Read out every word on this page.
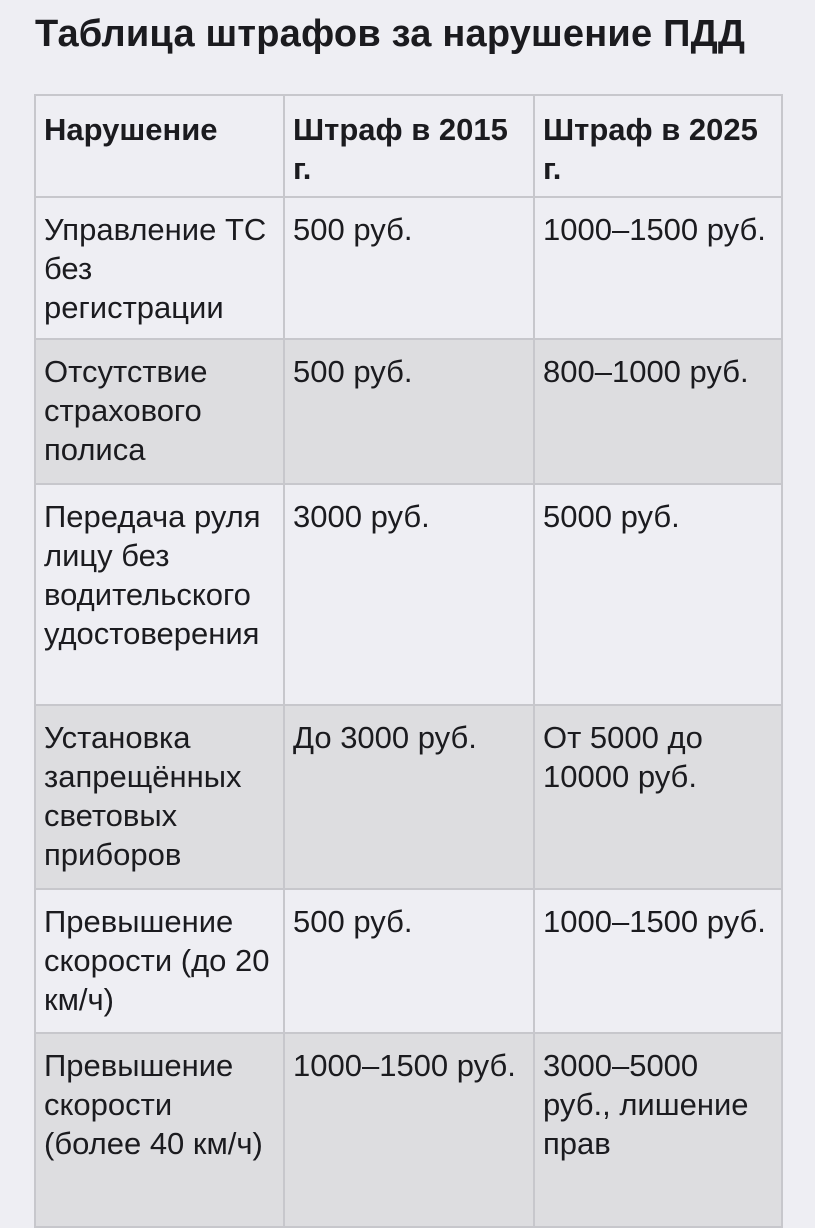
Таблица штрафов за нарушение ПДД
Нарушение	Штраф в 2015 г.	Штраф в 2025 г.
Управление ТС без регистрации	500 руб.	1000–1500 руб.
Отсутствие страхового полиса	500 руб.	800–1000 руб.
Передача руля лицу без водительского удостоверения	3000 руб.	5000 руб.
Установка запрещённых световых приборов	До 3000 руб.	От 5000 до 10000 руб.
Превышение скорости (до 20 км/ч)	500 руб.	1000–1500 руб.
Превышение скорости (более 40 км/ч)	1000–1500 руб.	3000–5000 руб., лишение прав
